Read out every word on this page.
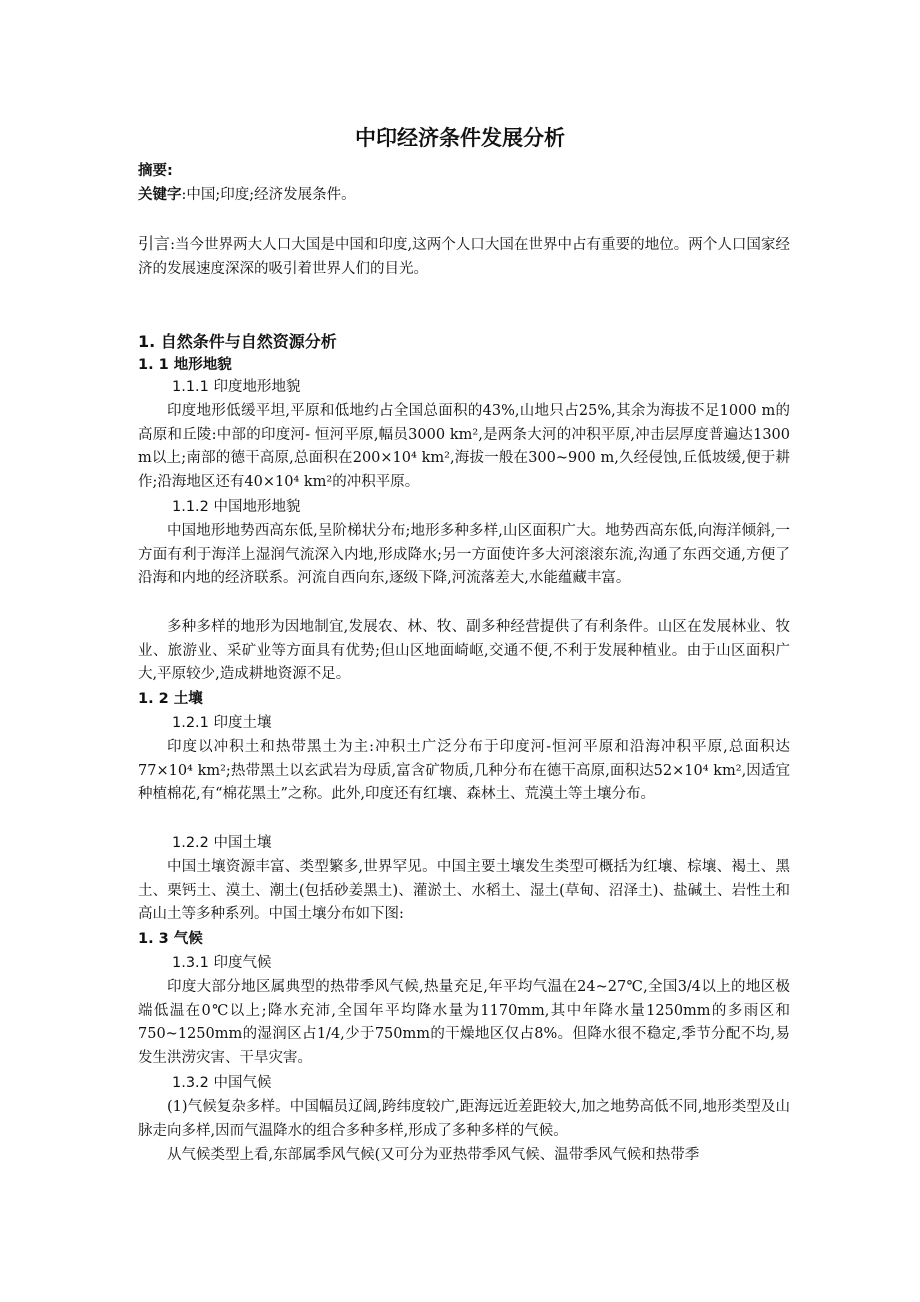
中印经济条件发展分析
摘要:
关键字:中国;印度;经济发展条件。
引言:当今世界两大人口大国是中国和印度,这两个人口大国在世界中占有重要的地位。两个人口国家经济的发展速度深深的吸引着世界人们的目光。
1. 自然条件与自然资源分析
1. 1 地形地貌
1.1.1 印度地形地貌
印度地形低缓平坦,平原和低地约占全国总面积的43%,山地只占25%,其余为海拔不足1000 m的高原和丘陵:中部的印度河- 恒河平原,幅员3000 km²,是两条大河的冲积平原,冲击层厚度普遍达1300 m以上;南部的德干高原,总面积在200×10⁴ km²,海拔一般在300~900 m,久经侵蚀,丘低坡缓,便于耕作;沿海地区还有40×10⁴ km²的冲积平原。
1.1.2 中国地形地貌
中国地形地势西高东低,呈阶梯状分布;地形多种多样,山区面积广大。地势西高东低,向海洋倾斜,一方面有利于海洋上湿润气流深入内地,形成降水;另一方面使许多大河滚滚东流,沟通了东西交通,方便了沿海和内地的经济联系。河流自西向东,逐级下降,河流落差大,水能蕴藏丰富。
多种多样的地形为因地制宜,发展农、林、牧、副多种经营提供了有利条件。山区在发展林业、牧业、旅游业、采矿业等方面具有优势;但山区地面崎岖,交通不便,不利于发展种植业。由于山区面积广大,平原较少,造成耕地资源不足。
1. 2 土壤
1.2.1 印度土壤
印度以冲积土和热带黑土为主:冲积土广泛分布于印度河-恒河平原和沿海冲积平原,总面积达77×10⁴ km²;热带黑土以玄武岩为母质,富含矿物质,几种分布在德干高原,面积达52×10⁴ km²,因适宜种植棉花,有“棉花黑土”之称。此外,印度还有红壤、森林土、荒漠土等土壤分布。
1.2.2 中国土壤
中国土壤资源丰富、类型繁多,世界罕见。中国主要土壤发生类型可概括为红壤、棕壤、褐土、黑土、栗钙土、漠土、潮土(包括砂姜黑土)、灌淤土、水稻土、湿土(草甸、沼泽土)、盐碱土、岩性土和高山土等多种系列。中国土壤分布如下图:
1. 3 气候
1.3.1 印度气候
印度大部分地区属典型的热带季风气候,热量充足,年平均气温在24~27℃,全国3/4以上的地区极端低温在0℃以上;降水充沛,全国年平均降水量为1170mm,其中年降水量1250mm的多雨区和750~1250mm的湿润区占1/4,少于750mm的干燥地区仅占8%。但降水很不稳定,季节分配不均,易发生洪涝灾害、干旱灾害。
1.3.2 中国气候
(1)气候复杂多样。中国幅员辽阔,跨纬度较广,距海远近差距较大,加之地势高低不同,地形类型及山脉走向多样,因而气温降水的组合多种多样,形成了多种多样的气候。
从气候类型上看,东部属季风气候(又可分为亚热带季风气候、温带季风气候和热带季
